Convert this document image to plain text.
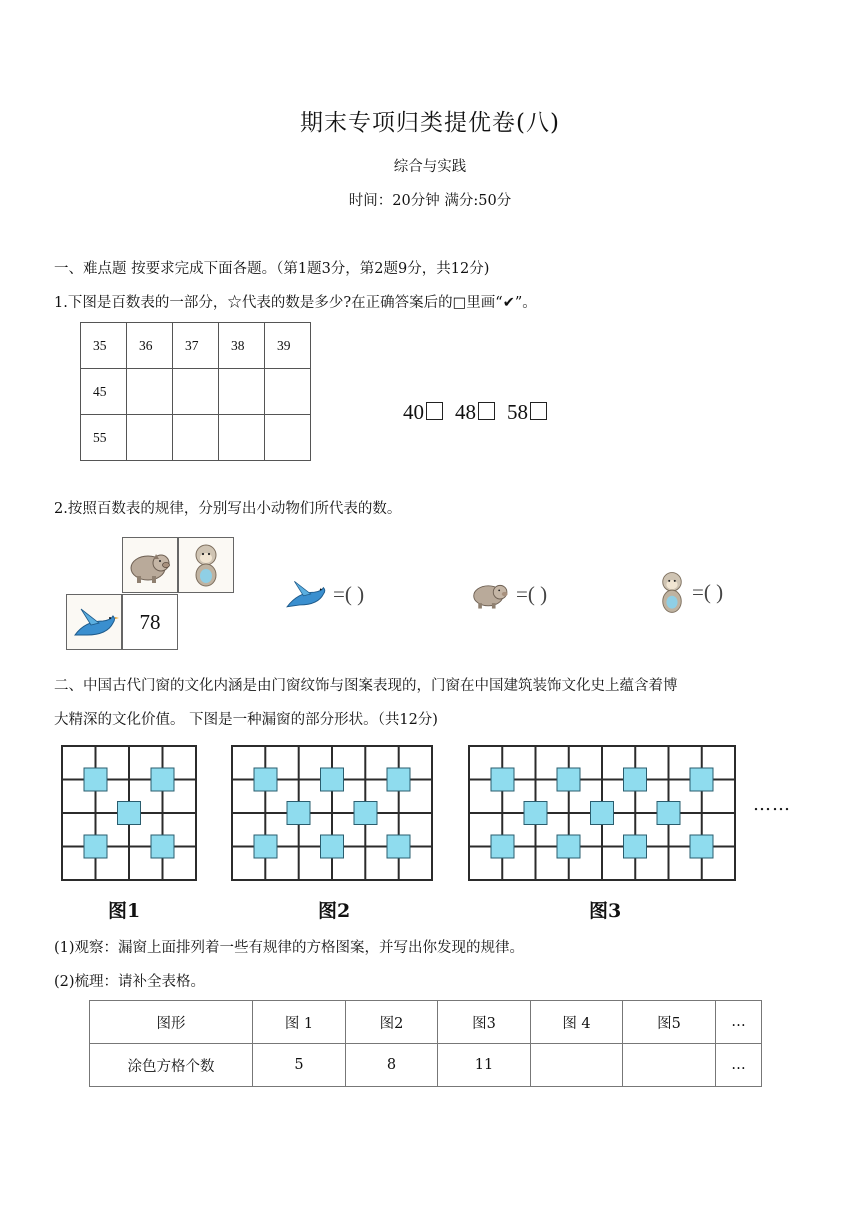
期末专项归类提优卷(八)
综合与实践
时间：20分钟 满分:50分
一、难点题 按要求完成下面各题。（第1题3分，第2题9分，共12分)
1.下图是百数表的一部分，☆代表的数是多少?在正确答案后的□里画“✔”。
35	36	37	38	39

45				

55				

40 48 58
2.按照百数表的规律，分别写出小动物们所代表的数。
78
=( )	=( )	=( )
二、中国古代门窗的文化内涵是由门窗纹饰与图案表现的，门窗在中国建筑装饰文化史上蕴含着博
大精深的文化价值。 下图是一种漏窗的部分形状。（共12分)
……
图1	图2	图3
(1)观察：漏窗上面排列着一些有规律的方格图案，并写出你发现的规律。
(2)梳理：请补全表格。
图形	图 1	图2	图3	图 4	图5	…
涂色方格个数	5	8	11			…
